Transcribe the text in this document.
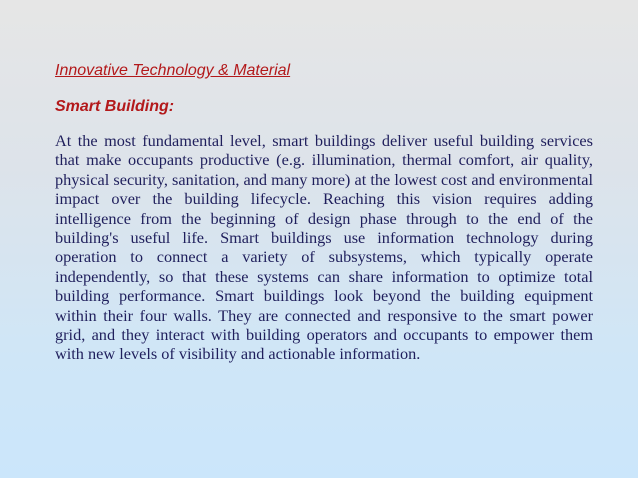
Innovative Technology & Material

Smart Building:

At the most fundamental level, smart buildings deliver useful building services that make occupants productive (e.g. illumination, thermal comfort, air quality, physical security, sanitation, and many more) at the lowest cost and environmental impact over the building lifecycle. Reaching this vision requires adding intelligence from the beginning of design phase through to the end of the building's useful life. Smart buildings use information technology during operation to connect a variety of subsystems, which typically operate independently, so that these systems can share information to optimize total building performance. Smart buildings look beyond the building equipment within their four walls. They are connected and responsive to the smart power grid, and they interact with building operators and occupants to empower them with new levels of visibility and actionable information.
